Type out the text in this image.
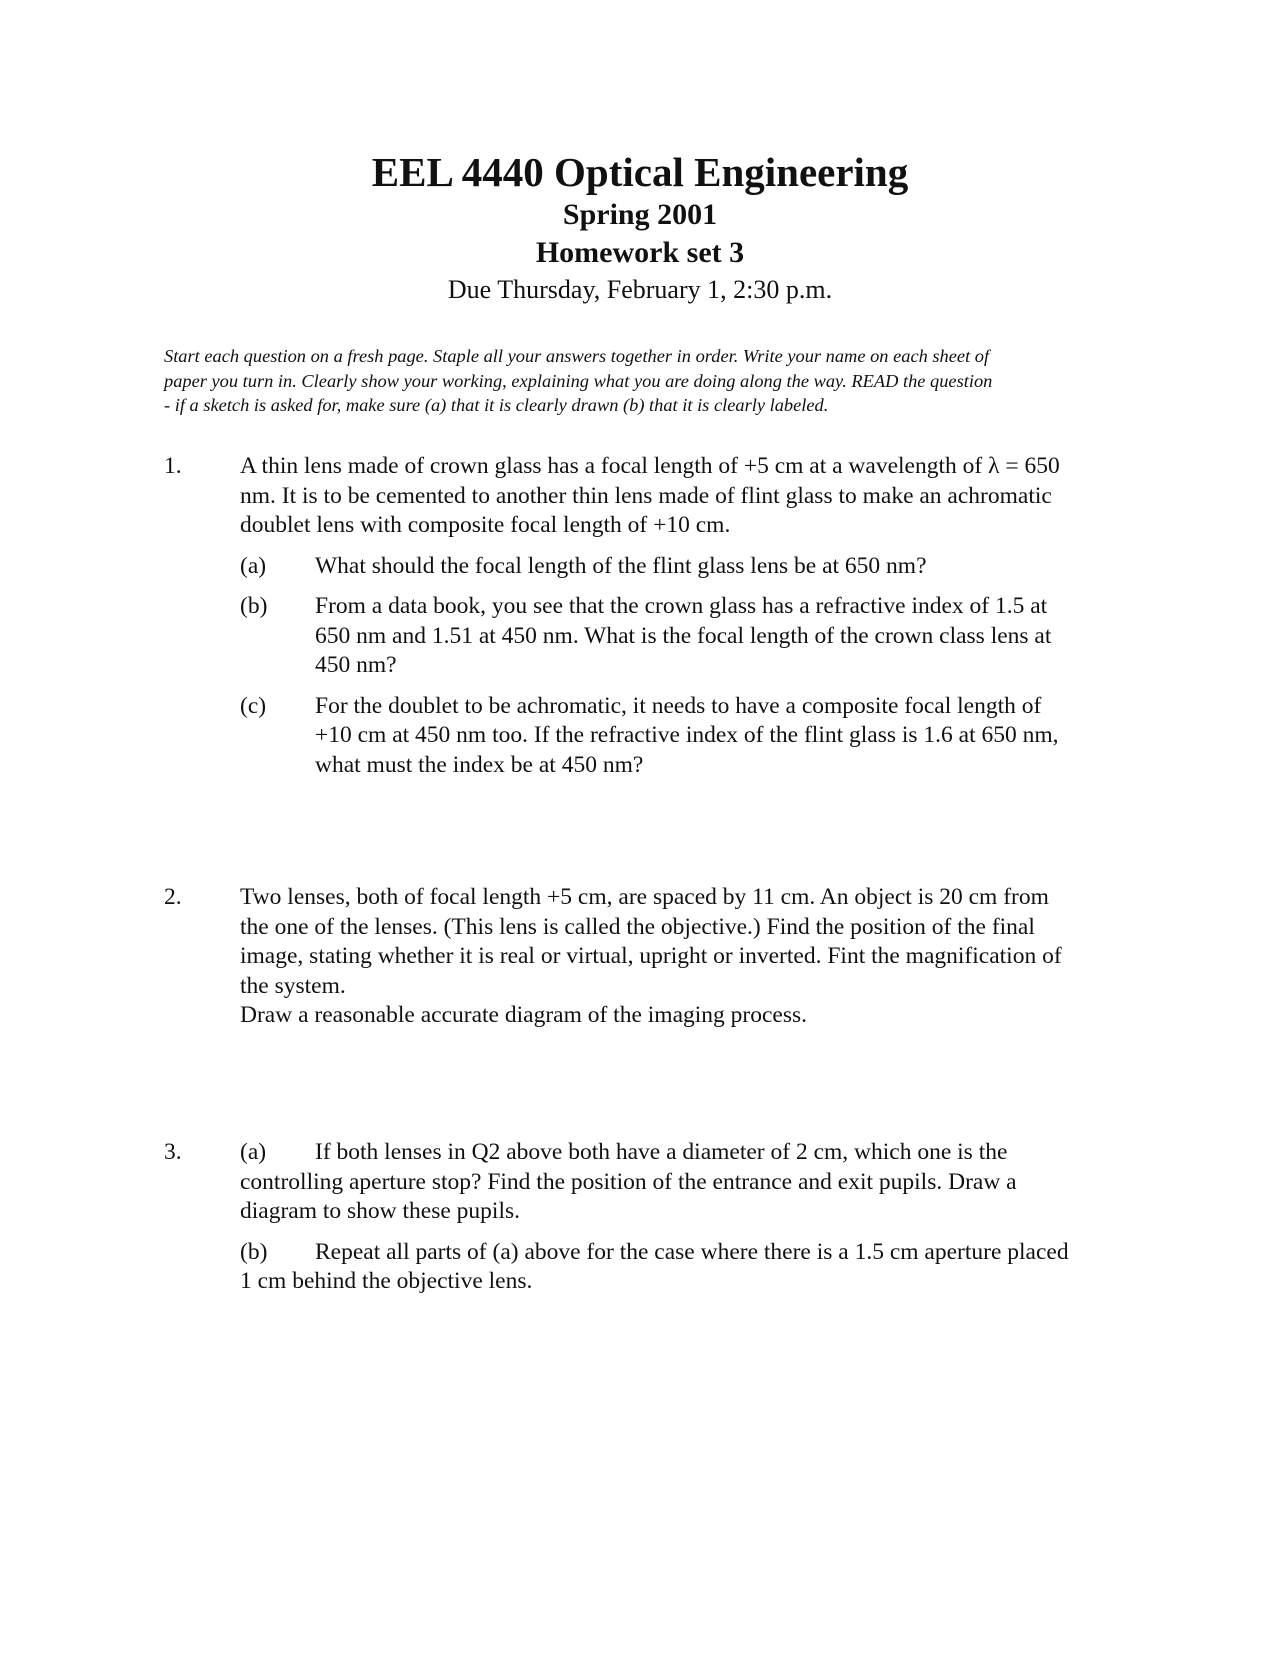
EEL 4440 Optical Engineering

Spring 2001

Homework set 3

Due Thursday, February 1, 2:30 p.m.

Start each question on a fresh page. Staple all your answers together in order. Write your name on each sheet of
paper you turn in. Clearly show your working, explaining what you are doing along the way. READ the question
- if a sketch is asked for, make sure (a) that it is clearly drawn (b) that it is clearly labeled.

1. A thin lens made of crown glass has a focal length of +5 cm at a wavelength of λ = 650
nm. It is to be cemented to another thin lens made of flint glass to make an achromatic
doublet lens with composite focal length of +10 cm.
(a) What should the focal length of the flint glass lens be at 650 nm?
(b) From a data book, you see that the crown glass has a refractive index of 1.5 at
650 nm and 1.51 at 450 nm. What is the focal length of the crown class lens at
450 nm?
(c) For the doublet to be achromatic, it needs to have a composite focal length of
+10 cm at 450 nm too. If the refractive index of the flint glass is 1.6 at 650 nm,
what must the index be at 450 nm?
2. Two lenses, both of focal length +5 cm, are spaced by 11 cm. An object is 20 cm from
the one of the lenses. (This lens is called the objective.) Find the position of the final
image, stating whether it is real or virtual, upright or inverted. Fint the magnification of
the system.
Draw a reasonable accurate diagram of the imaging process.
3. (a) If both lenses in Q2 above both have a diameter of 2 cm, which one is the
controlling aperture stop? Find the position of the entrance and exit pupils. Draw a
diagram to show these pupils.
(b) Repeat all parts of (a) above for the case where there is a 1.5 cm aperture placed
1 cm behind the objective lens.
